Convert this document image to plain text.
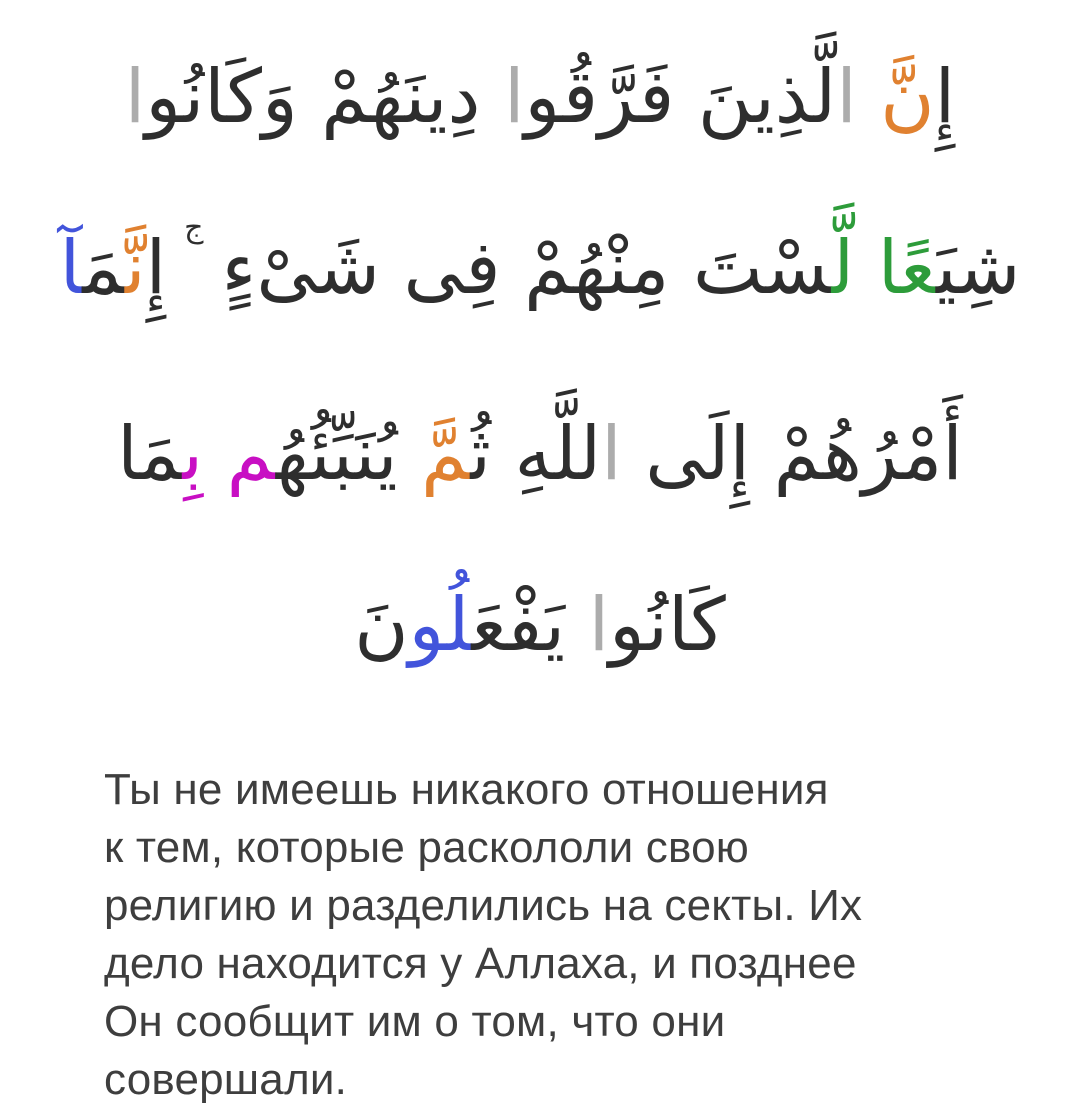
إِنَّ الَّذِينَ فَرَّقُوا دِينَهُمْ وَكَانُوا
شِيَعًا لَّسْتَ مِنْهُمْ فِى شَىْءٍجإِنَّمَآ
أَمْرُهُمْ إِلَى اللَّهِ ثُمَّ يُنَبِّئُهُم بِمَا
كَانُوا يَفْعَلُونَ
Ты не имеешь никакого отношения
к тем, которые раскололи свою
религию и разделились на секты. Их
дело находится у Аллаха, и позднее
Он сообщит им о том, что они
совершали.
